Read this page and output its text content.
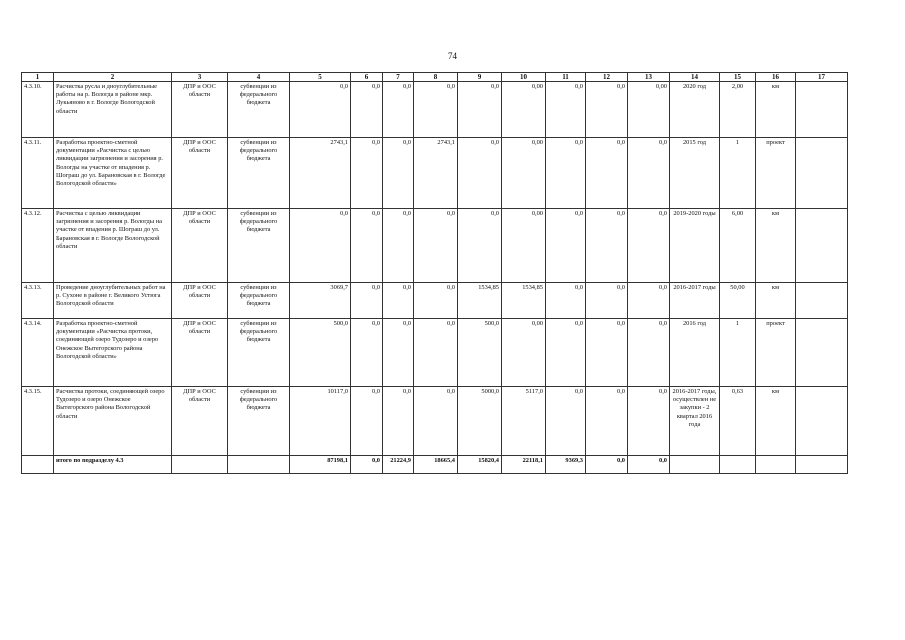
74
1	2	3	4	5	6	7	8	9	10	11	12	13	14	15	16	17
4.3.10.	Расчистка русла и дноуглубительные работы на р. Вологда в районе мкр. Лукьяново в г. Вологде Вологодской области	ДПР и ООС области	субвенции из федерального бюджета	0,0	0,0	0,0	0,0	0,0	0,00	0,0	0,0	0,00	2020 год	2,00	км	
4.3.11.	Разработка проектно-сметной документации «Расчистка с целью ликвидации загрязнения и засорения р. Вологды на участке от впадения р. Шограш до ул. Барановская в г. Вологде Вологодской области»	ДПР и ООС области	субвенции из федерального бюджета	2743,1	0,0	0,0	2743,1	0,0	0,00	0,0	0,0	0,0	2015 год	1	проект	
4.3.12.	Расчистка с целью ликвидации загрязнения и засорения р. Вологды на участке от впадения р. Шограш до ул. Барановская в г. Вологде Вологодской области	ДПР и ООС области	субвенции из федерального бюджета	0,0	0,0	0,0	0,0	0,0	0,00	0,0	0,0	0,0	2019-2020 годы	6,00	км	
4.3.13.	Проведение дноуглубительных работ на р. Сухоне в районе г. Великого Устюга Вологодской области	ДПР и ООС области	субвенции из федерального бюджета	3069,7	0,0	0,0	0,0	1534,85	1534,85	0,0	0,0	0,0	2016-2017 годы	50,00	км	
4.3.14.	Разработка проектно-сметной документации «Расчистка протоки, соединяющей озеро Тудозеро и озеро Онежское Вытегорского района Вологодской области»	ДПР и ООС области	субвенции из федерального бюджета	500,0	0,0	0,0	0,0	500,0	0,00	0,0	0,0	0,0	2016 год	1	проект	
4.3.15.	Расчистка протоки, соединяющей озеро Тудозеро и озеро Онежское Вытегорского района Вологодской области	ДПР и ООС области	субвенции из федерального бюджета	10117,0	0,0	0,0	0,0	5000,0	5117,0	0,0	0,0	0,0	2016-2017 годы, осуществлен не закупки - 2 квартал 2016 года	0,63	км	
	итого по подразделу 4.3			87198,1	0,0	21224,9	18665,4	15820,4	22118,1	9369,3	0,0	0,0				
